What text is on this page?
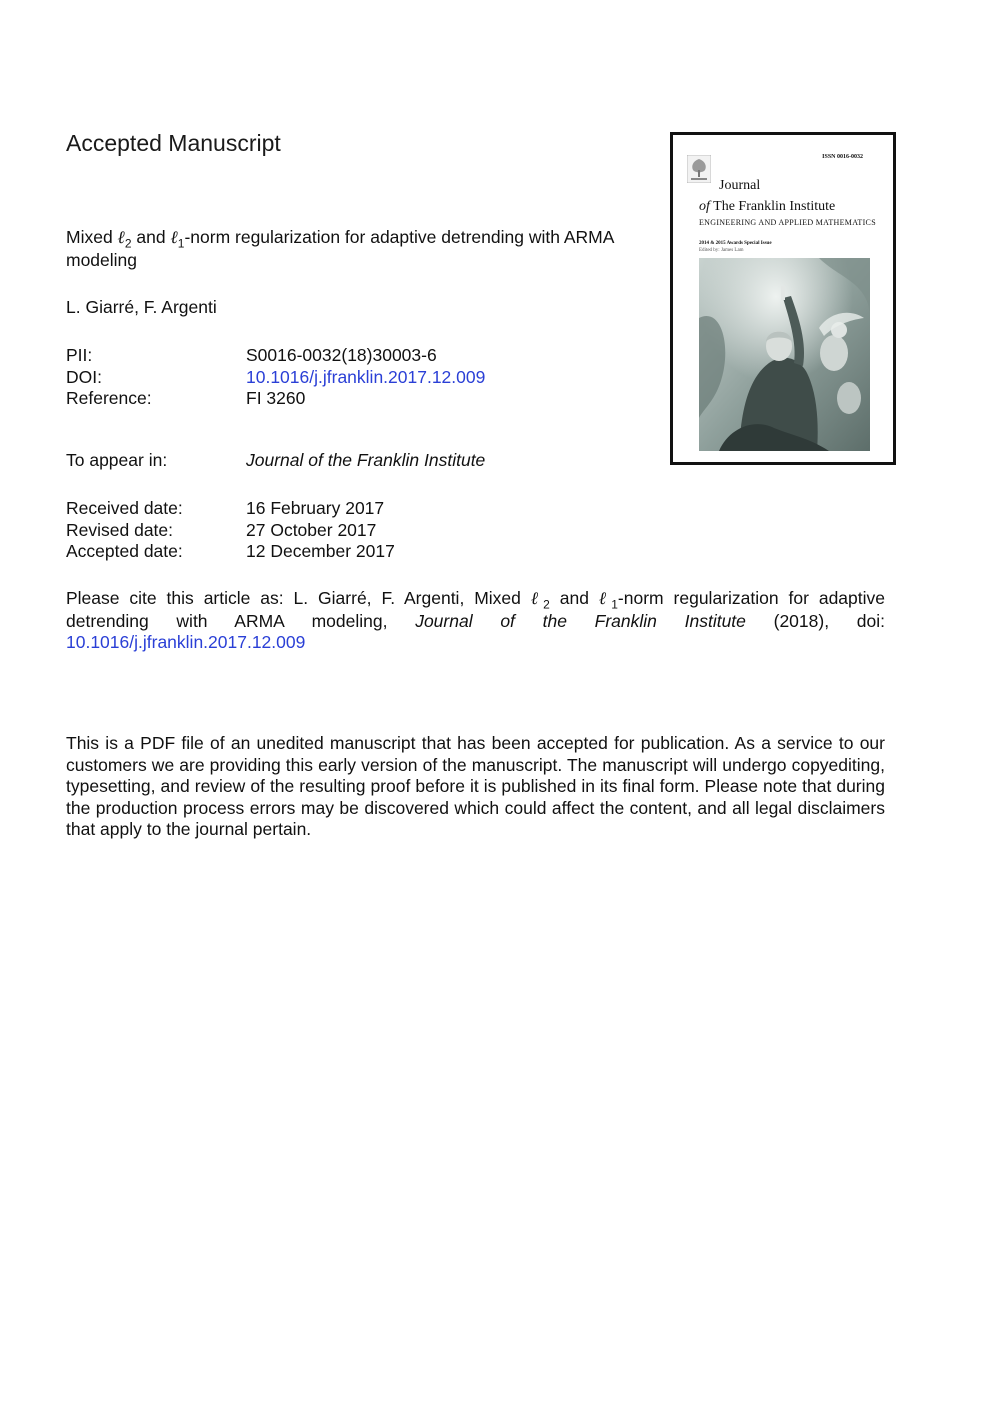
Accepted Manuscript
Mixed ℓ$_2$ and ℓ$_1$-norm regularization for adaptive detrending with ARMA modeling
L. Giarré, F. Argenti
PII:	S0016-0032(18)30003-6
DOI:	10.1016/j.jfranklin.2017.12.009
Reference:	FI 3260
To appear in:	Journal of the Franklin Institute
Received date:	16 February 2017
Revised date:	27 October 2017
Accepted date:	12 December 2017
Please cite this article as: L. Giarré, F. Argenti, Mixed ℓ$_2$ and ℓ$_1$-norm regularization for adaptive detrending with ARMA modeling, Journal of the Franklin Institute (2018), doi: 10.1016/j.jfranklin.2017.12.009
This is a PDF file of an unedited manuscript that has been accepted for publication. As a service to our customers we are providing this early version of the manuscript. The manuscript will undergo copyediting, typesetting, and review of the resulting proof before it is published in its final form. Please note that during the production process errors may be discovered which could affect the content, and all legal disclaimers that apply to the journal pertain.
ISSN 0016-0032
Journal
of The Franklin Institute
ENGINEERING AND APPLIED MATHEMATICS
2014 & 2015 Awards Special Issue
Edited by: James Lam
